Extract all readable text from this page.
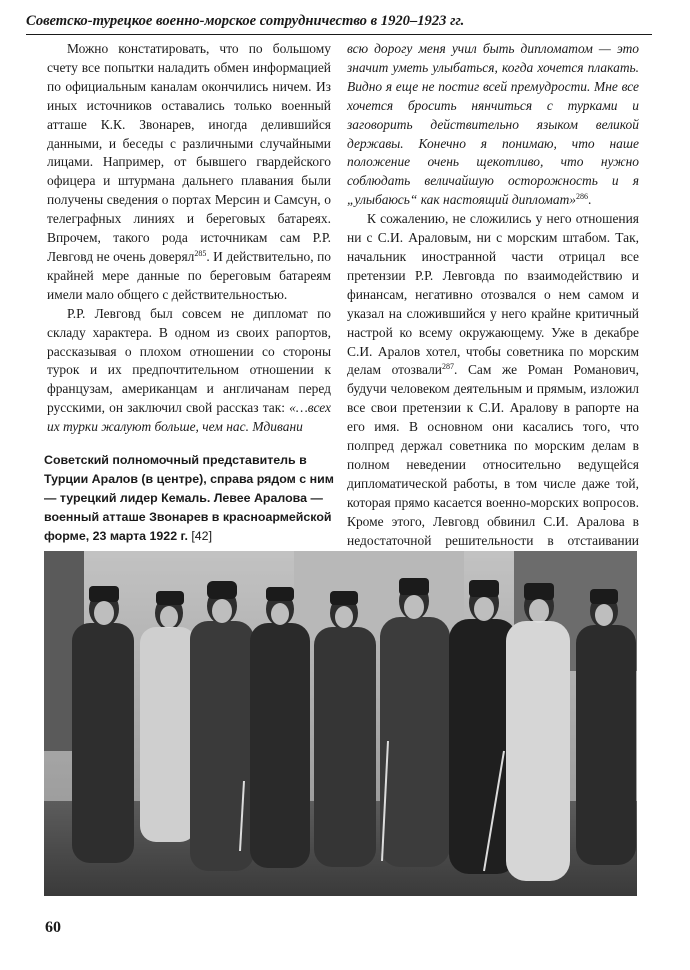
Советско-турецкое военно-морское сотрудничество в 1920–1923 гг.

Можно констатировать, что по большому счету все попытки наладить обмен информацией по официальным каналам окончились ничем. Из иных источников оставались только военный атташе К.К. Звонарев, иногда делившийся данными, и беседы с различными случайными лицами. Например, от бывшего гвардейского офицера и штурмана дальнего плавания были получены сведения о портах Мерсин и Самсун, о телеграфных линиях и береговых батареях. Впрочем, такого рода источникам сам Р.Р. Левговд не очень доверял$^{285}$. И действительно, по крайней мере данные по береговым батареям имели мало общего с действительностью.

Р.Р. Левговд был совсем не дипломат по складу характера. В одном из своих рапортов, рассказывая о плохом отношении со стороны турок и их предпочтительном отношении к французам, американцам и англичанам перед русскими, он заключил свой рассказ так: «…всех их турки жалуют больше, чем нас. Мдивани

Советский полномочный представитель в Турции Аралов (в центре), справа рядом с ним — турецкий лидер Кемаль. Левее Аралова — военный атташе Звонарев в красноармейской форме, 23 марта 1922 г. [42]

всю дорогу меня учил быть дипломатом — это значит уметь улыбаться, когда хочется плакать. Видно я еще не постиг всей премудрости. Мне все хочется бросить нянчиться с турками и заговорить действительно языком великой державы. Конечно я понимаю, что наше положение очень щекотливо, что нужно соблюдать величайшую осторожность и я „улыбаюсь“ как настоящий дипломат»$^{286}$.

К сожалению, не сложились у него отношения ни с С.И. Араловым, ни с морским штабом. Так, начальник иностранной части отрицал все претензии Р.Р. Левговда по взаимодействию и финансам, негативно отозвался о нем самом и указал на сложившийся у него крайне критичный настрой ко всему окружающему. Уже в декабре С.И. Аралов хотел, чтобы советника по морским делам отозвали$^{287}$. Сам же Роман Романович, будучи человеком деятельным и прямым, изложил все свои претензии к С.И. Аралову в рапорте на его имя. В основном они касались того, что полпред держал советника по морским делам в полном неведении относительно ведущейся дипломатической работы, в том числе даже той, которая прямо касается военно-морских вопросов. Кроме этого, Левговд обвинил С.И. Аралова в недостаточной решительности в отстаивании

60
